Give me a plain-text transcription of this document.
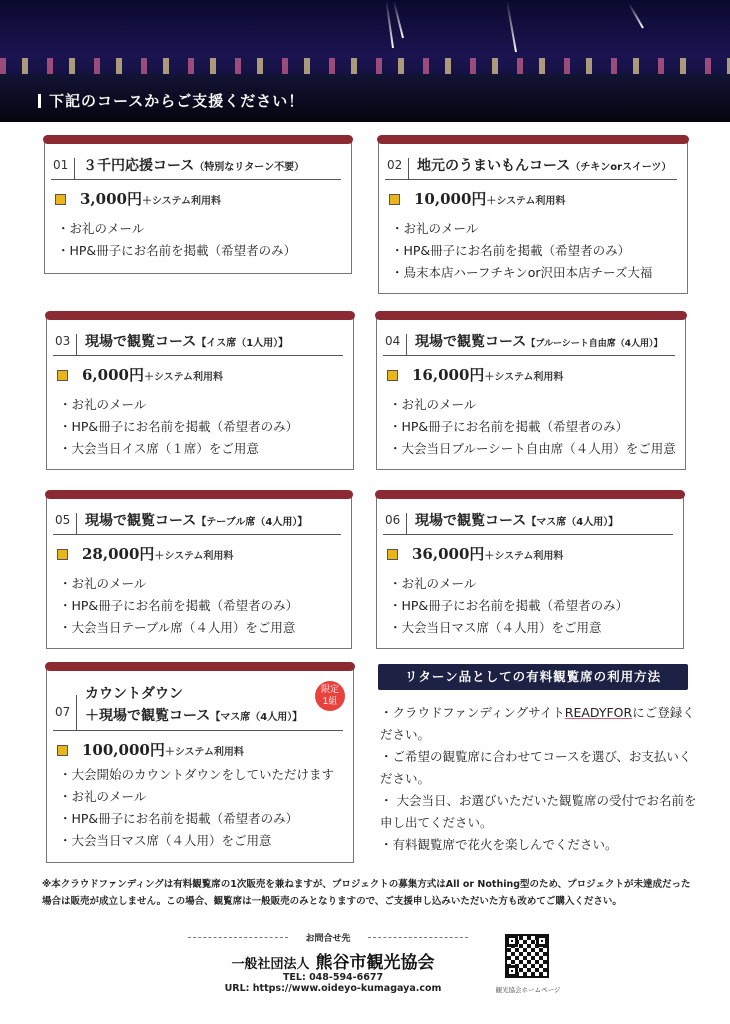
下記のコースからご支援ください！
01	３千円応援コース（特別なリターン不要）
3,000円＋システム利用料
・お礼のメール
・HP&冊子にお名前を掲載（希望者のみ）
02	地元のうまいもんコース（チキンorスイーツ）
10,000円＋システム利用料
・お礼のメール
・HP&冊子にお名前を掲載（希望者のみ）
・鳥末本店ハーフチキンor沢田本店チーズ大福
03	現場で観覧コース【イス席（1人用）】
6,000円＋システム利用料
・お礼のメール
・HP&冊子にお名前を掲載（希望者のみ）
・大会当日イス席（１席）をご用意
04	現場で観覧コース【ブルーシート自由席（4人用）】
16,000円＋システム利用料
・お礼のメール
・HP&冊子にお名前を掲載（希望者のみ）
・大会当日ブルーシート自由席（４人用）をご用意
05	現場で観覧コース【テーブル席（4人用）】
28,000円＋システム利用料
・お礼のメール
・HP&冊子にお名前を掲載（希望者のみ）
・大会当日テーブル席（４人用）をご用意
06	現場で観覧コース【マス席（4人用）】
36,000円＋システム利用料
・お礼のメール
・HP&冊子にお名前を掲載（希望者のみ）
・大会当日マス席（４人用）をご用意
07
カウントダウン
＋現場で観覧コース【マス席（4人用）】
限定
1組
100,000円＋システム利用料
・大会開始のカウントダウンをしていただけます
・お礼のメール
・HP&冊子にお名前を掲載（希望者のみ）
・大会当日マス席（４人用）をご用意
リターン品としての有料観覧席の利用方法
・クラウドファンディングサイトREADYFORにご登録ください。
・ご希望の観覧席に合わせてコースを選び、お支払いください。
・ 大会当日、お選びいただいた観覧席の受付でお名前を申し出てください。
・有料観覧席で花火を楽しんでください。
※本クラウドファンディングは有料観覧席の1次販売を兼ねますが、プロジェクトの募集方式はAll or Nothing型のため、プロジェクトが未達成だった場合は販売が成立しません。この場合、観覧席は一般販売のみとなりますので、ご支援申し込みいただいた方も改めてご購入ください。
お問合せ先
一般社団法人 熊谷市観光協会
TEL: 048-594-6677
URL: https://www.oideyo-kumagaya.com	観光協会ホームページ
